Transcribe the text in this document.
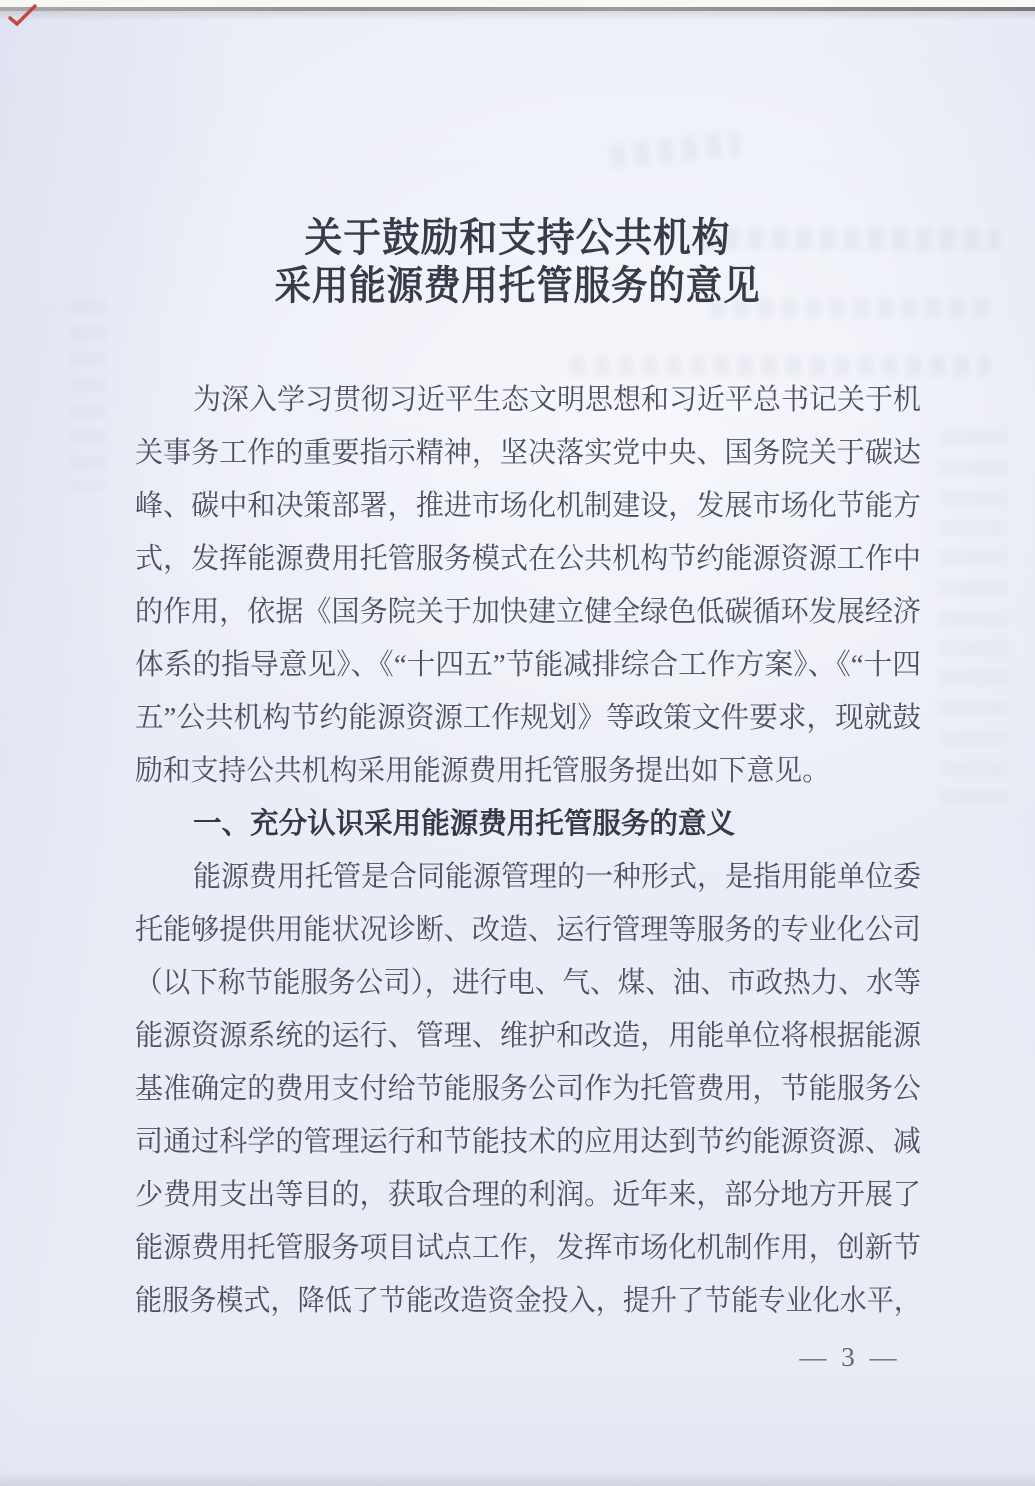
关于鼓励和支持公共机构
采用能源费用托管服务的意见
为深入学习贯彻习近平生态文明思想和习近平总书记关于机
关事务工作的重要指示精神，坚决落实党中央、国务院关于碳达
峰、碳中和决策部署，推进市场化机制建设，发展市场化节能方
式，发挥能源费用托管服务模式在公共机构节约能源资源工作中
的作用，依据《国务院关于加快建立健全绿色低碳循环发展经济
体系的指导意见》、《“十四五”节能减排综合工作方案》、《“十四
五”公共机构节约能源资源工作规划》等政策文件要求，现就鼓
励和支持公共机构采用能源费用托管服务提出如下意见。
一、充分认识采用能源费用托管服务的意义
能源费用托管是合同能源管理的一种形式，是指用能单位委
托能够提供用能状况诊断、改造、运行管理等服务的专业化公司
（以下称节能服务公司），进行电、气、煤、油、市政热力、水等
能源资源系统的运行、管理、维护和改造，用能单位将根据能源
基准确定的费用支付给节能服务公司作为托管费用，节能服务公
司通过科学的管理运行和节能技术的应用达到节约能源资源、减
少费用支出等目的，获取合理的利润。近年来，部分地方开展了
能源费用托管服务项目试点工作，发挥市场化机制作用，创新节
能服务模式，降低了节能改造资金投入，提升了节能专业化水平，
— 3 —
